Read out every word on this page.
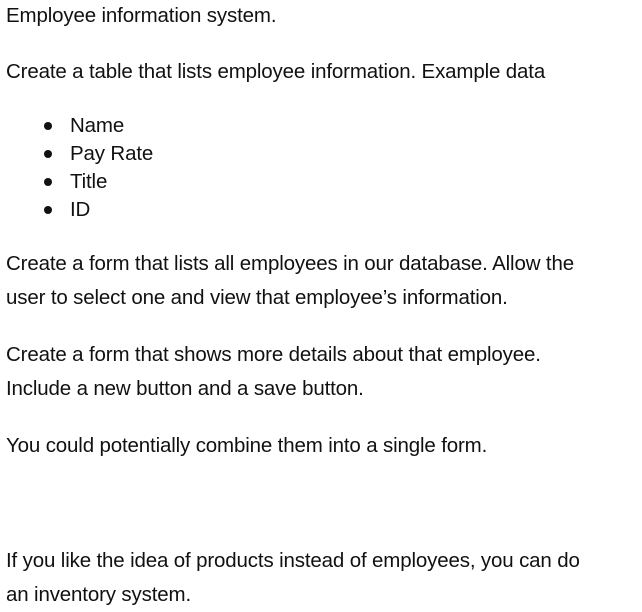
Employee information system.
Create a table that lists employee information. Example data
Name
Pay Rate
Title
ID
Create a form that lists all employees in our database. Allow the
user to select one and view that employee’s information.
Create a form that shows more details about that employee.
Include a new button and a save button.
You could potentially combine them into a single form.
If you like the idea of products instead of employees, you can do
an inventory system.
